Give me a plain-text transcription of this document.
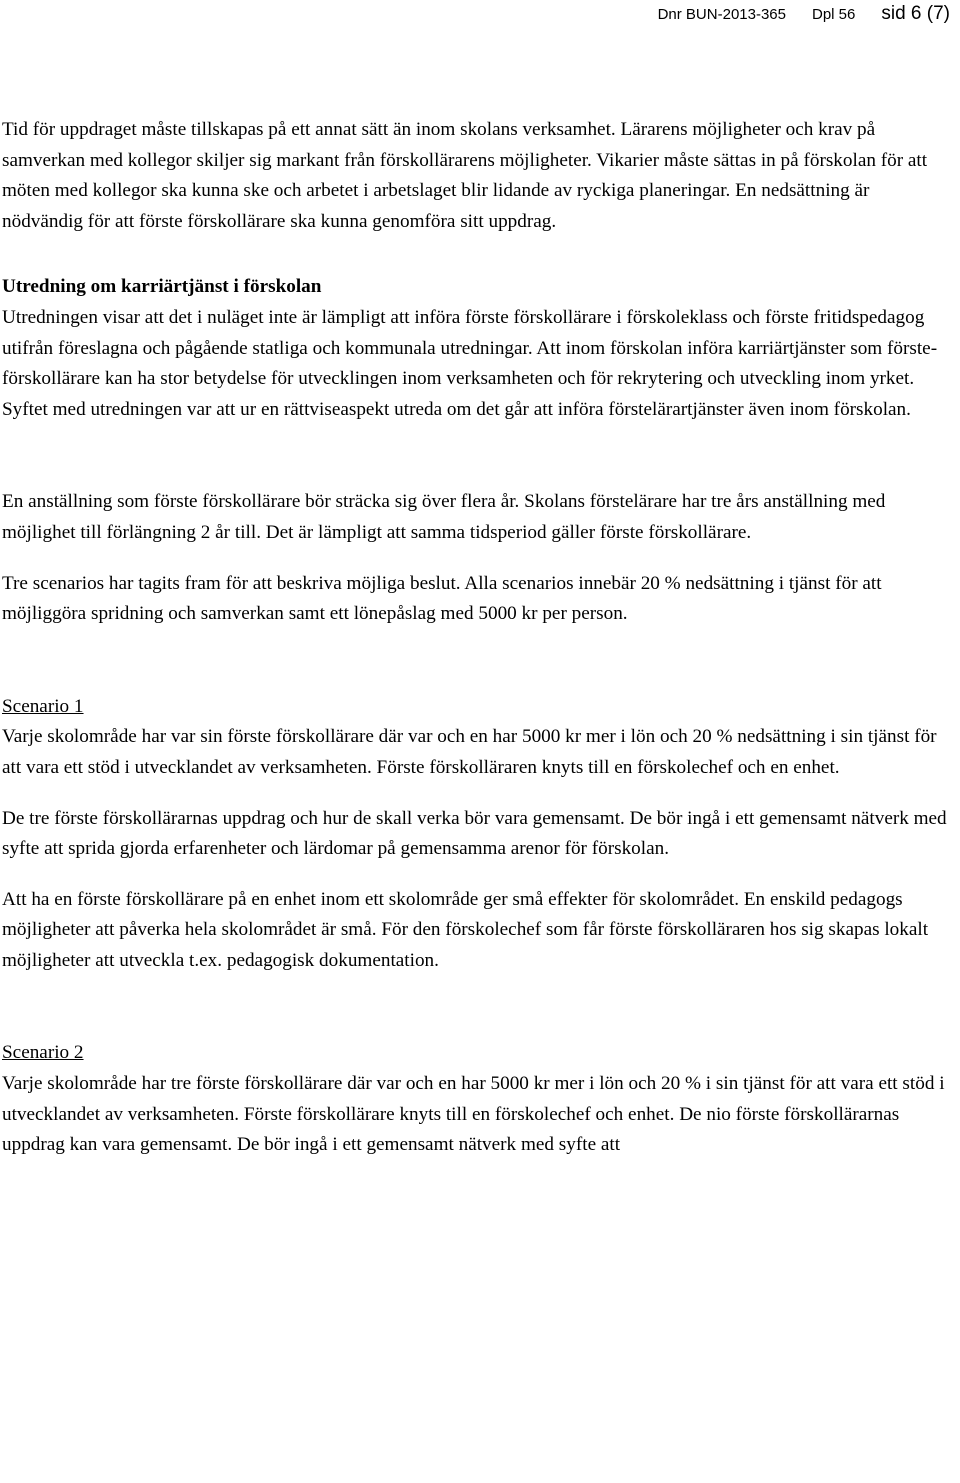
Dnr BUN-2013-365 Dpl 56 sid 6 (7)

Tid för uppdraget måste tillskapas på ett annat sätt än inom skolans verksamhet. Lärarens möjligheter och krav på samverkan med kollegor skiljer sig markant från förskollärarens möjligheter. Vikarier måste sättas in på förskolan för att möten med kollegor ska kunna ske och arbetet i arbetslaget blir lidande av ryckiga planeringar. En nedsättning är nödvändig för att förste förskollärare ska kunna genomföra sitt uppdrag.

Utredning om karriärtjänst i förskolan
Utredningen visar att det i nuläget inte är lämpligt att införa förste förskollärare i förskoleklass och förste fritidspedagog utifrån föreslagna och pågående statliga och kommunala utredningar. Att inom förskolan införa karriärtjänster som förste-förskollärare kan ha stor betydelse för utvecklingen inom verksamheten och för rekrytering och utveckling inom yrket. Syftet med utredningen var att ur en rättviseaspekt utreda om det går att införa förstelärartjänster även inom förskolan.

En anställning som förste förskollärare bör sträcka sig över flera år. Skolans förstelärare har tre års anställning med möjlighet till förlängning 2 år till. Det är lämpligt att samma tidsperiod gäller förste förskollärare.

Tre scenarios har tagits fram för att beskriva möjliga beslut. Alla scenarios innebär 20 % nedsättning i tjänst för att möjliggöra spridning och samverkan samt ett lönepåslag med 5000 kr per person.

Scenario 1
Varje skolområde har var sin förste förskollärare där var och en har 5000 kr mer i lön och 20 % nedsättning i sin tjänst för att vara ett stöd i utvecklandet av verksamheten. Förste förskolläraren knyts till en förskolechef och en enhet.

De tre förste förskollärarnas uppdrag och hur de skall verka bör vara gemensamt. De bör ingå i ett gemensamt nätverk med syfte att sprida gjorda erfarenheter och lärdomar på gemensamma arenor för förskolan.

Att ha en förste förskollärare på en enhet inom ett skolområde ger små effekter för skolområdet. En enskild pedagogs möjligheter att påverka hela skolområdet är små. För den förskolechef som får förste förskolläraren hos sig skapas lokalt möjligheter att utveckla t.ex. pedagogisk dokumentation.

Scenario 2
Varje skolområde har tre förste förskollärare där var och en har 5000 kr mer i lön och 20 % i sin tjänst för att vara ett stöd i utvecklandet av verksamheten. Förste förskollärare knyts till en förskolechef och enhet. De nio förste förskollärarnas uppdrag kan vara gemensamt. De bör ingå i ett gemensamt nätverk med syfte att
